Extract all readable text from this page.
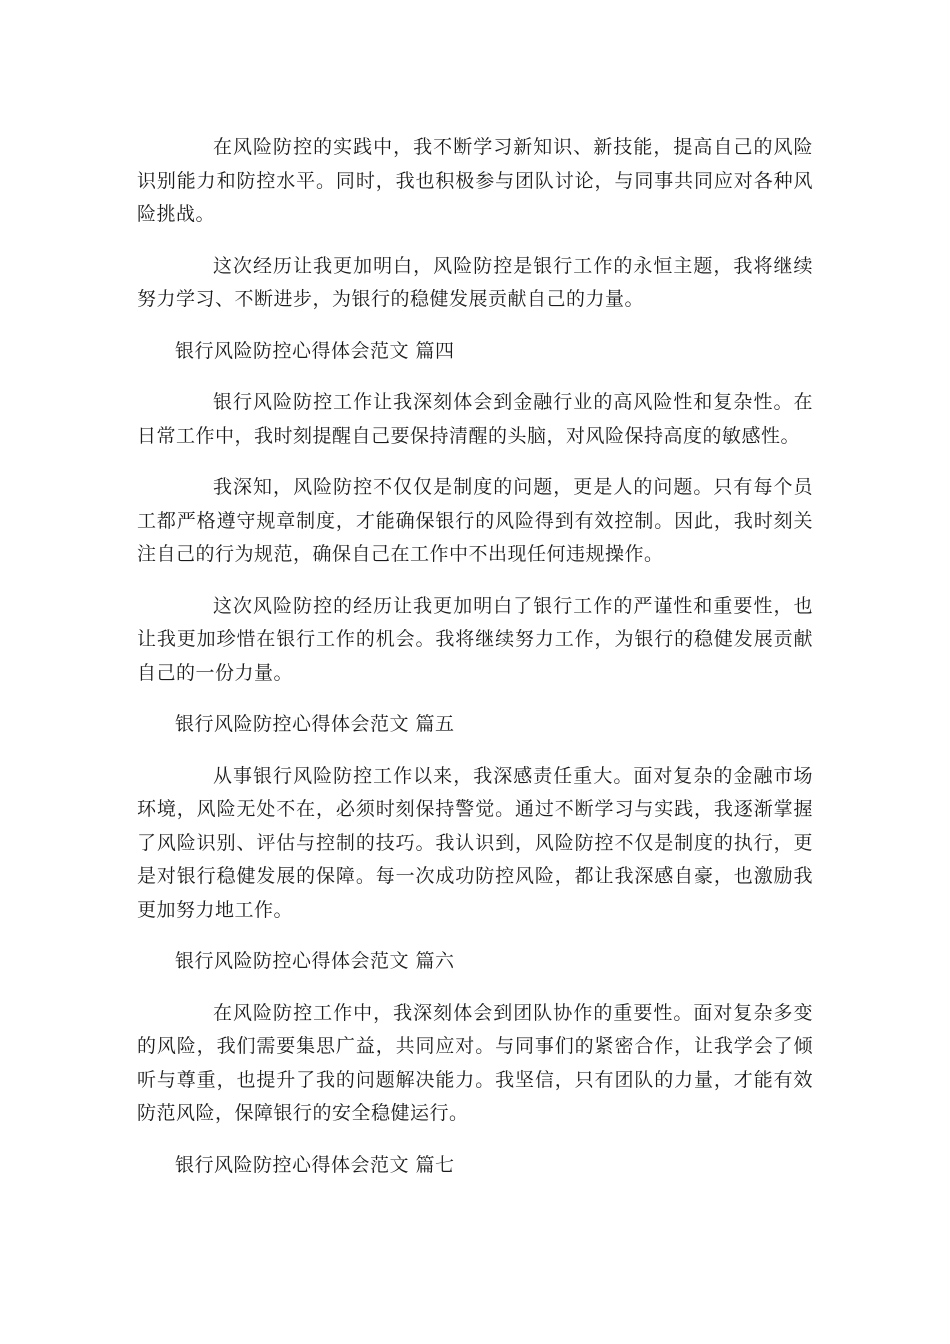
在风险防控的实践中，我不断学习新知识、新技能，提高自己的风险识别能力和防控水平。同时，我也积极参与团队讨论，与同事共同应对各种风险挑战。

这次经历让我更加明白，风险防控是银行工作的永恒主题，我将继续努力学习、不断进步，为银行的稳健发展贡献自己的力量。

银行风险防控心得体会范文 篇四

银行风险防控工作让我深刻体会到金融行业的高风险性和复杂性。在日常工作中，我时刻提醒自己要保持清醒的头脑，对风险保持高度的敏感性。

我深知，风险防控不仅仅是制度的问题，更是人的问题。只有每个员工都严格遵守规章制度，才能确保银行的风险得到有效控制。因此，我时刻关注自己的行为规范，确保自己在工作中不出现任何违规操作。

这次风险防控的经历让我更加明白了银行工作的严谨性和重要性，也让我更加珍惜在银行工作的机会。我将继续努力工作，为银行的稳健发展贡献自己的一份力量。

银行风险防控心得体会范文 篇五

从事银行风险防控工作以来，我深感责任重大。面对复杂的金融市场环境，风险无处不在，必须时刻保持警觉。通过不断学习与实践，我逐渐掌握了风险识别、评估与控制的技巧。我认识到，风险防控不仅是制度的执行，更是对银行稳健发展的保障。每一次成功防控风险，都让我深感自豪，也激励我更加努力地工作。

银行风险防控心得体会范文 篇六

在风险防控工作中，我深刻体会到团队协作的重要性。面对复杂多变的风险，我们需要集思广益，共同应对。与同事们的紧密合作，让我学会了倾听与尊重，也提升了我的问题解决能力。我坚信，只有团队的力量，才能有效防范风险，保障银行的安全稳健运行。

银行风险防控心得体会范文 篇七
